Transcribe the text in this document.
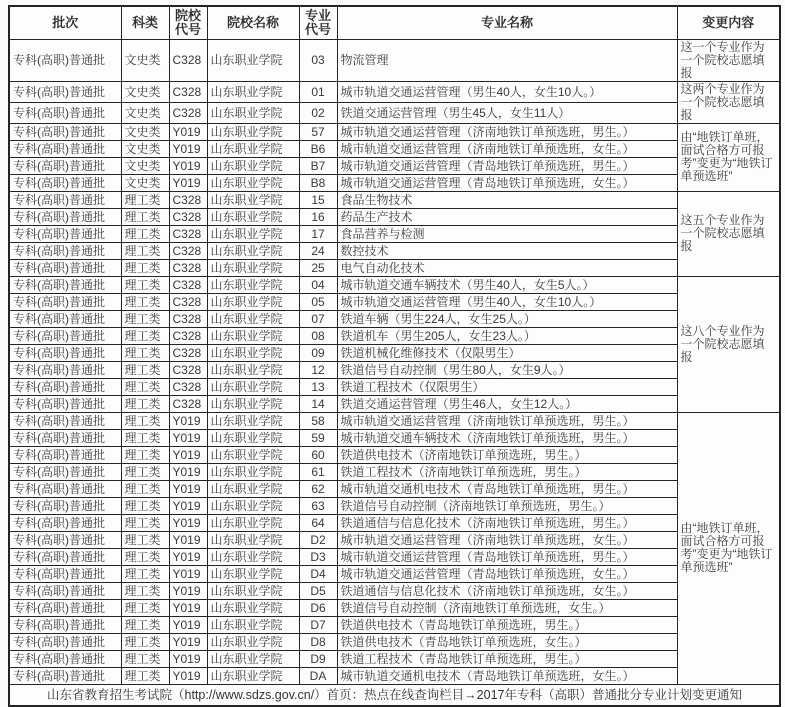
批次	科类	院校代号	院校名称	专业代号	专业名称	变更内容
专科(高职)普通批	文史类	C328	山东职业学院	03	物流管理	这一个专业作为一个院校志愿填报
专科(高职)普通批	文史类	C328	山东职业学院	01	城市轨道交通运营管理（男生40人，女生10人。）	这两个专业作为一个院校志愿填报
专科(高职)普通批	文史类	C328	山东职业学院	02	铁道交通运营管理（男生45人，女生11人）	
专科(高职)普通批	文史类	Y019	山东职业学院	57	城市轨道交通运营管理（济南地铁订单预选班，男生。）	由“地铁订单班，面试合格方可报考”变更为“地铁订单预选班”
专科(高职)普通批	文史类	Y019	山东职业学院	B6	城市轨道交通运营管理（济南地铁订单预选班，女生。）	
专科(高职)普通批	文史类	Y019	山东职业学院	B7	城市轨道交通运营管理（青岛地铁订单预选班，男生。）	
专科(高职)普通批	文史类	Y019	山东职业学院	B8	城市轨道交通运营管理（青岛地铁订单预选班，女生。）	
专科(高职)普通批	理工类	C328	山东职业学院	15	食品生物技术	这五个专业作为一个院校志愿填报
专科(高职)普通批	理工类	C328	山东职业学院	16	药品生产技术	
专科(高职)普通批	理工类	C328	山东职业学院	17	食品营养与检测	
专科(高职)普通批	理工类	C328	山东职业学院	24	数控技术	
专科(高职)普通批	理工类	C328	山东职业学院	25	电气自动化技术	
专科(高职)普通批	理工类	C328	山东职业学院	04	城市轨道交通车辆技术（男生40人，女生5人。）	这八个专业作为一个院校志愿填报
专科(高职)普通批	理工类	C328	山东职业学院	05	城市轨道交通运营管理（男生40人，女生10人。）	
专科(高职)普通批	理工类	C328	山东职业学院	07	铁道车辆（男生224人，女生25人。）	
专科(高职)普通批	理工类	C328	山东职业学院	08	铁道机车（男生205人，女生23人。）	
专科(高职)普通批	理工类	C328	山东职业学院	09	铁道机械化维修技术（仅限男生）	
专科(高职)普通批	理工类	C328	山东职业学院	12	铁道信号自动控制（男生80人，女生9人。）	
专科(高职)普通批	理工类	C328	山东职业学院	13	铁道工程技术（仅限男生）	
专科(高职)普通批	理工类	C328	山东职业学院	14	铁道交通运营管理（男生46人，女生12人。）	
专科(高职)普通批	理工类	Y019	山东职业学院	58	城市轨道交通运营管理（济南地铁订单预选班，男生。）	由“地铁订单班，面试合格方可报考”变更为“地铁订单预选班”
专科(高职)普通批	理工类	Y019	山东职业学院	59	城市轨道交通车辆技术（济南地铁订单预选班，男生。）	
专科(高职)普通批	理工类	Y019	山东职业学院	60	铁道供电技术（济南地铁订单预选班，男生。）	
专科(高职)普通批	理工类	Y019	山东职业学院	61	铁道工程技术（济南地铁订单预选班，男生。）	
专科(高职)普通批	理工类	Y019	山东职业学院	62	城市轨道交通机电技术（青岛地铁订单预选班，男生。）	
专科(高职)普通批	理工类	Y019	山东职业学院	63	铁道信号自动控制（济南地铁订单预选班，男生。）	
专科(高职)普通批	理工类	Y019	山东职业学院	64	铁道通信与信息化技术（济南地铁订单预选班，男生。）	
专科(高职)普通批	理工类	Y019	山东职业学院	D2	城市轨道交通运营管理（济南地铁订单预选班，女生。）	
专科(高职)普通批	理工类	Y019	山东职业学院	D3	城市轨道交通运营管理（青岛地铁订单预选班，男生。）	
专科(高职)普通批	理工类	Y019	山东职业学院	D4	城市轨道交通运营管理（青岛地铁订单预选班，女生。）	
专科(高职)普通批	理工类	Y019	山东职业学院	D5	铁道通信与信息化技术（济南地铁订单预选班，女生。）	
专科(高职)普通批	理工类	Y019	山东职业学院	D6	铁道信号自动控制（济南地铁订单预选班，女生。）	
专科(高职)普通批	理工类	Y019	山东职业学院	D7	铁道供电技术（青岛地铁订单预选班，男生。）	
专科(高职)普通批	理工类	Y019	山东职业学院	D8	铁道供电技术（青岛地铁订单预选班，女生。）	
专科(高职)普通批	理工类	Y019	山东职业学院	D9	铁道工程技术（青岛地铁订单预选班，男生。）	
专科(高职)普通批	理工类	Y019	山东职业学院	DA	城市轨道交通机电技术（青岛地铁订单预选班，女生。）	
山东省教育招生考试院（http://www.sdzs.gov.cn/）首页：热点在线查询栏目→2017年专科（高职）普通批分专业计划变更通知						
